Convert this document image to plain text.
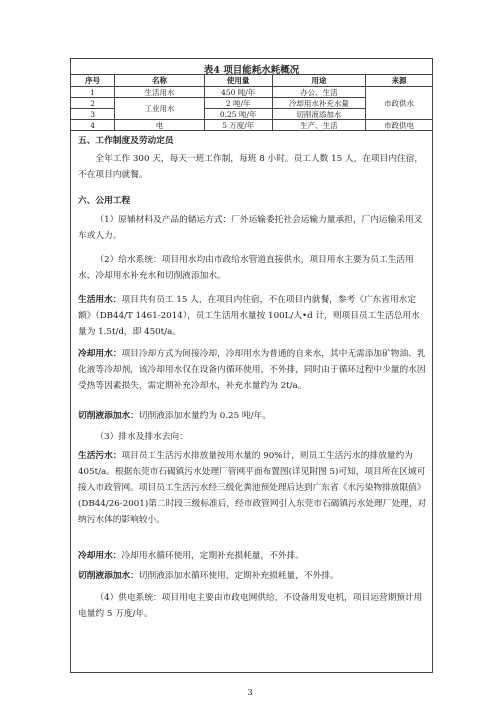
表4 项目能耗水耗概况
序号	名称	使用量	用途	来源
1	生活用水	450 吨/年	办公、生活	市政供水
2	工业用水	2 吨/年	冷却用水补充水量	
3		0.25 吨/年	切削液添加水	
4	电	5 万度/年	生产、生活	市政供电
五、工作制度及劳动定员
全年工作 300 天，每天一班工作制，每班 8 小时。员工人数 15 人，在项目内住宿，不在项目内就餐。
六、公用工程
（1）原辅材料及产品的储运方式：厂外运输委托社会运输力量承担，厂内运输采用叉车或人力。
（2）给水系统：项目用水均由市政给水管道直接供水，项目用水主要为员工生活用水、冷却用水补充水和切削液添加水。
生活用水：项目共有员工 15 人，在项目内住宿，不在项目内就餐，参考《广东省用水定额》（DB44/T 1461-2014），员工生活用水量按 100L/人•d 计，则项目员工生活总用水量为 1.5t/d，即 450t/a。
冷却用水：项目冷却方式为间接冷却，冷却用水为普通的自来水，其中无需添加矿物油、乳化液等冷却剂，该冷却用水仅在设备内循环使用，不外排，同时由于循环过程中少量的水因受热等因素损失，需定期补充冷却水，补充水量约为 2t/a。
切削液添加水：切削液添加水量约为 0.25 吨/年。
（3）排水及排水去向：
生活污水：项目员工生活污水排放量按用水量的 90%计，则员工生活污水的排放量约为 405t/a。根据东莞市石碣镇污水处理厂管网平面布置图(详见附图 5)可知，项目所在区域可接入市政管网。项目员工生活污水经三级化粪池预处理后达到广东省《水污染物排放限值》(DB44/26-2001)第二时段三级标准后，经市政管网引入东莞市石碣镇污水处理厂处理，对纳污水体的影响较小。
冷却用水：冷却用水循环使用，定期补充损耗量，不外排。
切削液添加水：切削液添加水循环使用，定期补充损耗量，不外排。
（4）供电系统：项目用电主要由市政电网供给，不设备用发电机，项目运营期预计用电量约 5 万度/年。
3
